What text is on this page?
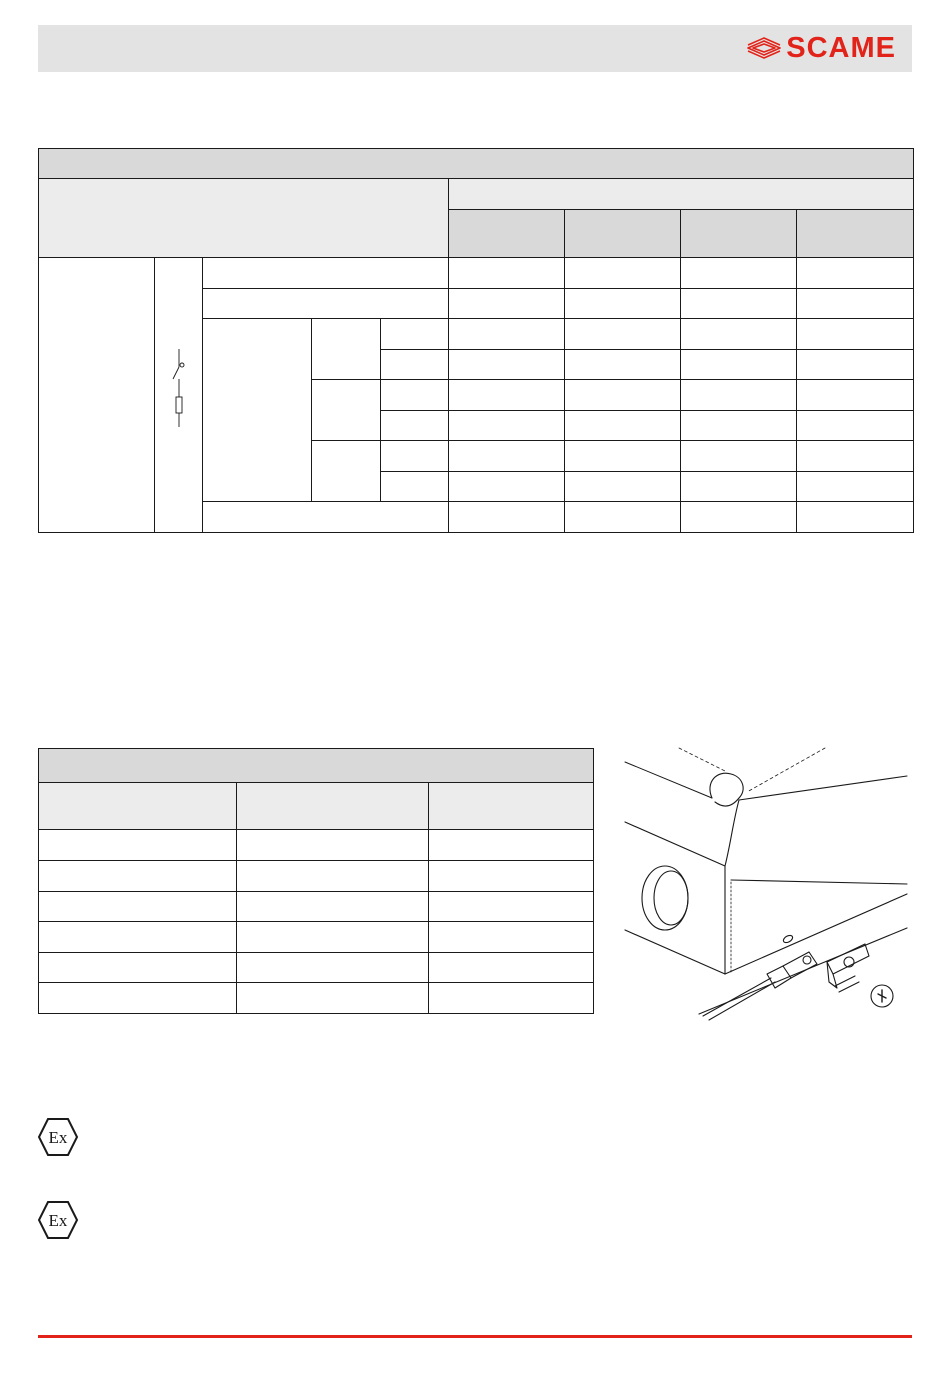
SCAME

Ex
Ex
